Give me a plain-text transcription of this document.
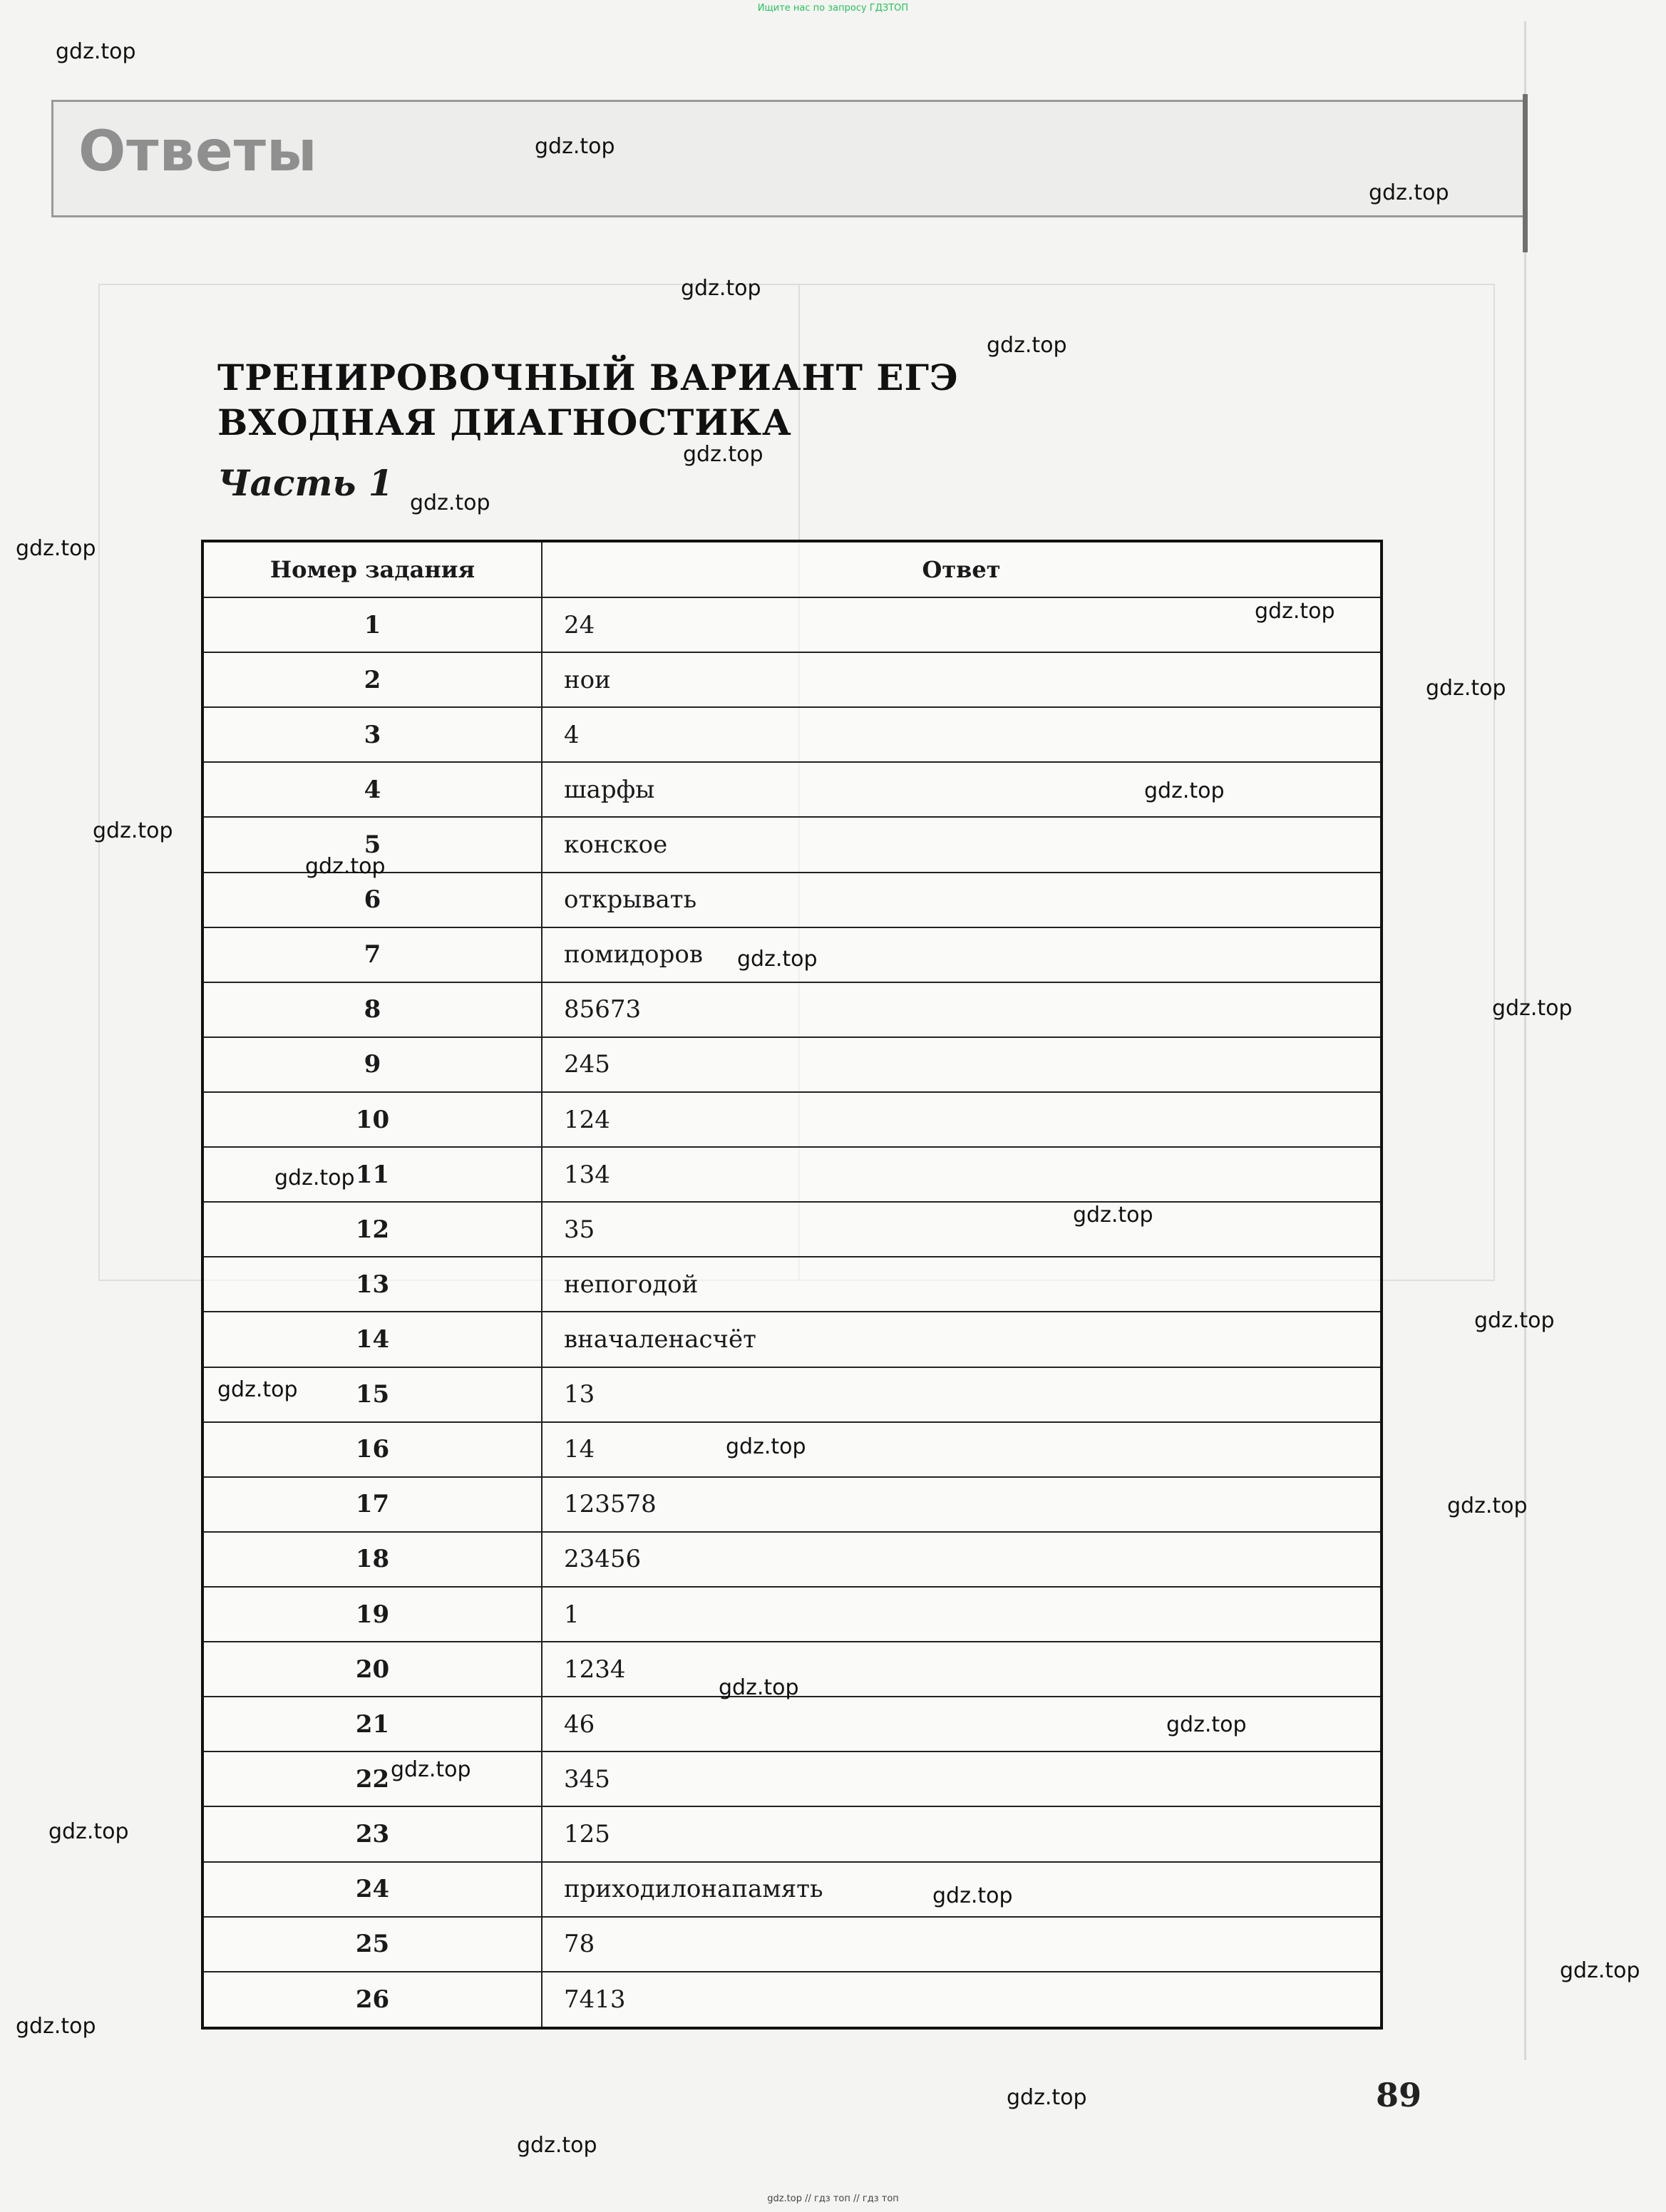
Ищите нас по запросу ГДЗТОП
Ответы
ТРЕНИРОВОЧНЫЙ ВАРИАНТ ЕГЭ
ВХОДНАЯ ДИАГНОСТИКА
Часть 1
Номер задания	Ответ
1	24
2	нои
3	4
4	шарфы
5	конское
6	открывать
7	помидоров
8	85673
9	245
10	124
11	134
12	35
13	непогодой
14	вначаленасчёт
15	13
16	14
17	123578
18	23456
19	1
20	1234
21	46
22	345
23	125
24	приходилонапамять
25	78
26	7413
89
gdz.top
gdz.top
gdz.top
gdz.top
gdz.top
gdz.top
gdz.top
gdz.top
gdz.top
gdz.top
gdz.top
gdz.top
gdz.top
gdz.top
gdz.top
gdz.top
gdz.top
gdz.top
gdz.top
gdz.top
gdz.top
gdz.top
gdz.top
gdz.top
gdz.top
gdz.top
gdz.top
gdz.top
gdz.top
gdz.top
gdz.top // гдз топ // гдз топ
